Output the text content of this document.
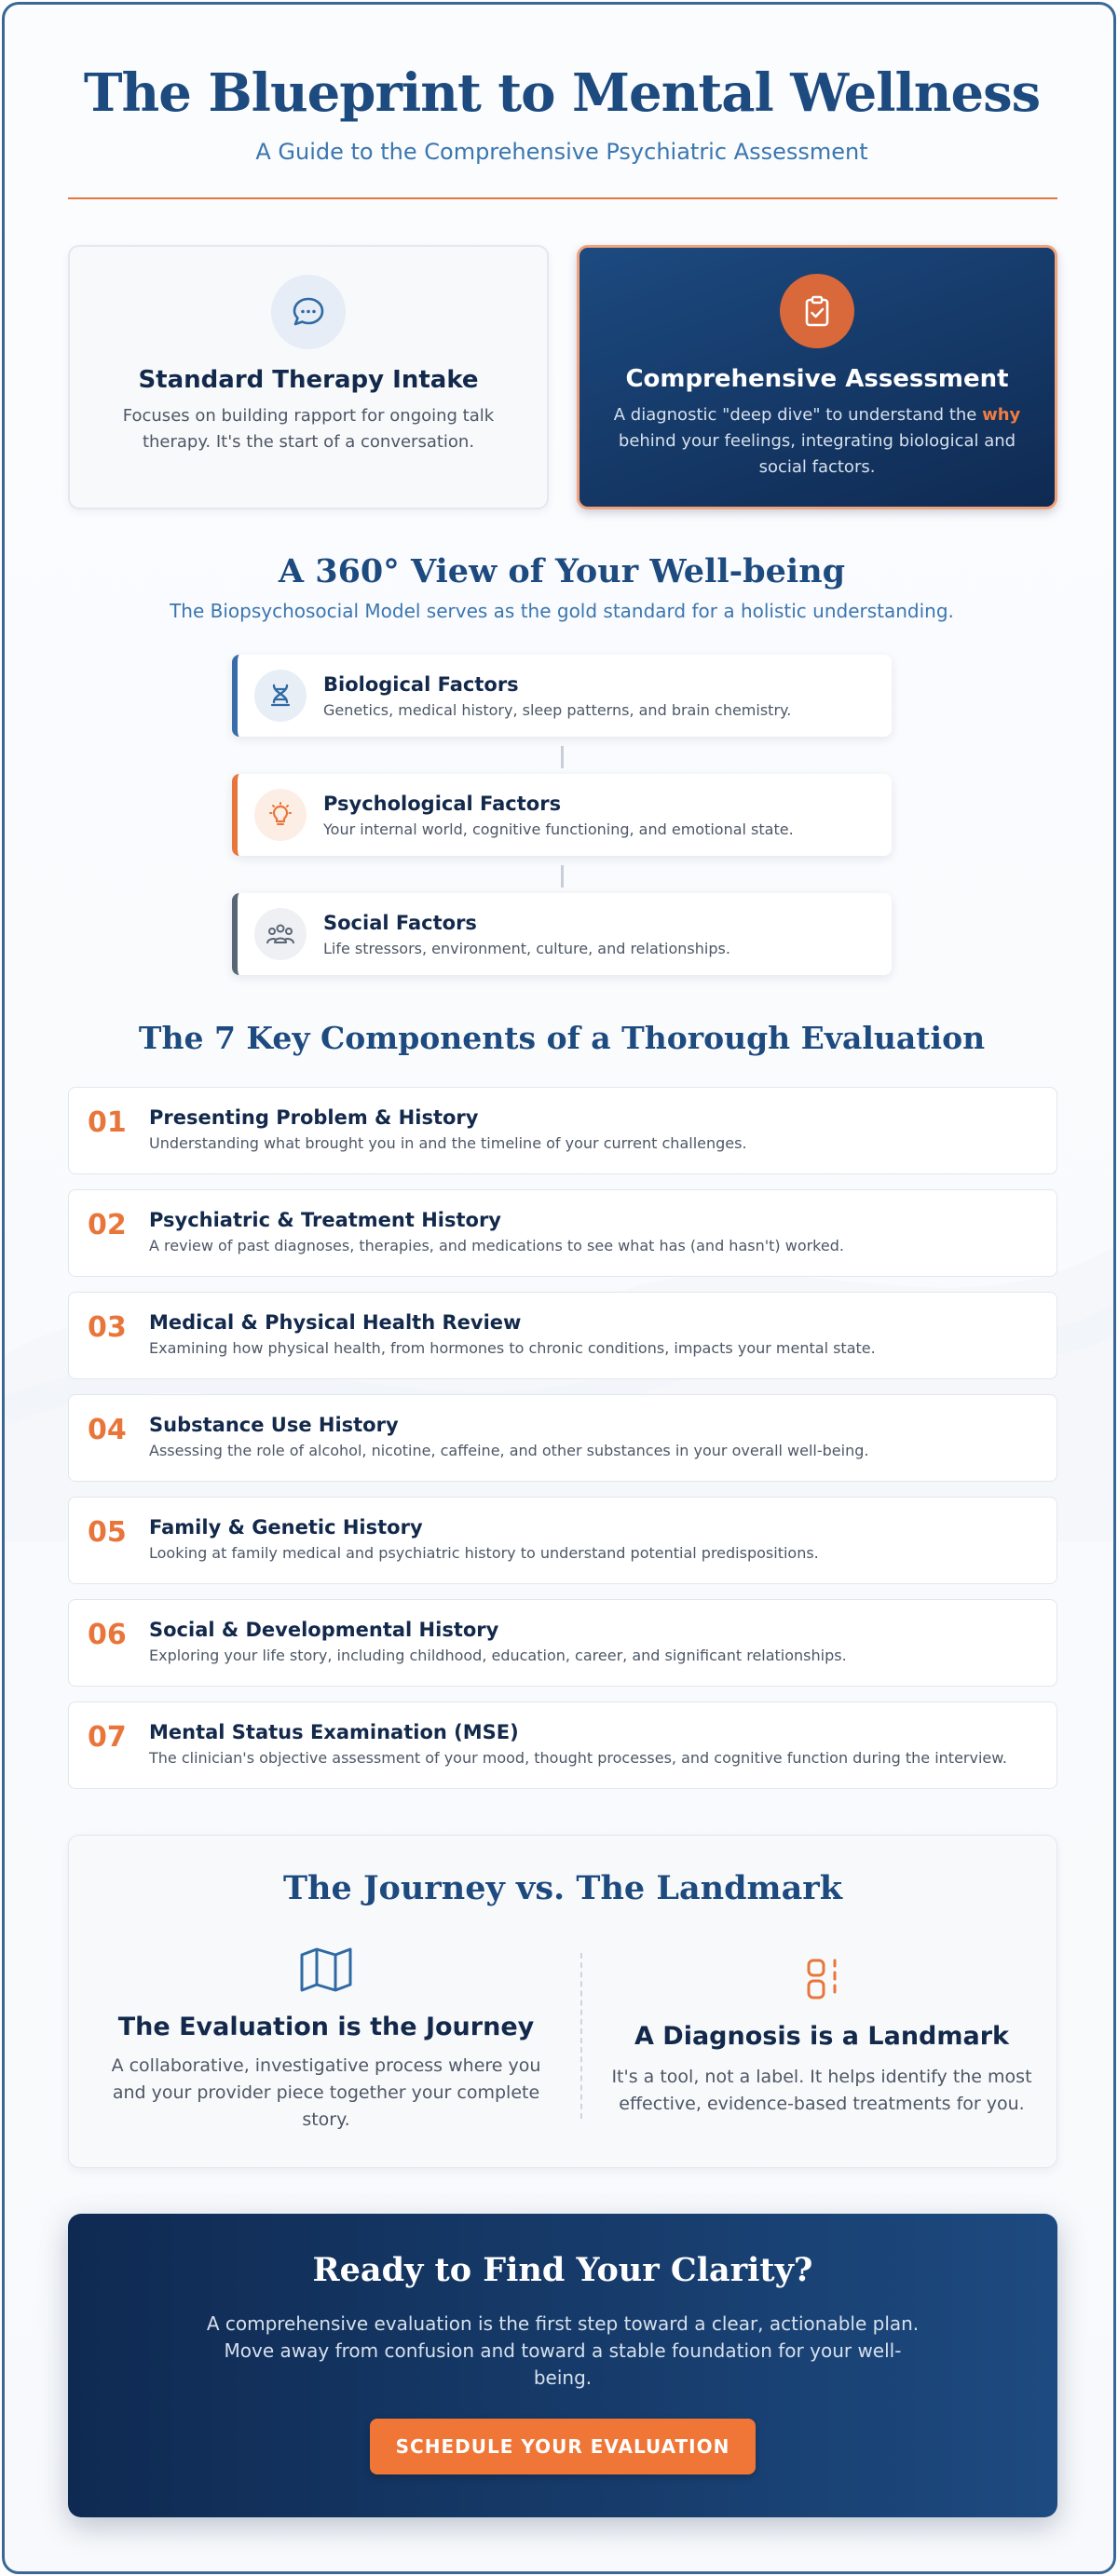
The Blueprint to Mental Wellness
A Guide to the Comprehensive Psychiatric Assessment
Standard Therapy Intake

Focuses on building rapport for ongoing talk therapy. It's the start of a conversation.

Comprehensive Assessment

A diagnostic "deep dive" to understand the why behind your feelings, integrating biological and social factors.

A 360° View of Your Well-being
The Biopsychosocial Model serves as the gold standard for a holistic understanding.
Biological Factors
Genetics, medical history, sleep patterns, and brain chemistry.
Psychological Factors
Your internal world, cognitive functioning, and emotional state.
Social Factors
Life stressors, environment, culture, and relationships.
The 7 Key Components of a Thorough Evaluation
01 Presenting Problem & History
Understanding what brought you in and the timeline of your current challenges.
02 Psychiatric & Treatment History
A review of past diagnoses, therapies, and medications to see what has (and hasn't) worked.
03 Medical & Physical Health Review
Examining how physical health, from hormones to chronic conditions, impacts your mental state.
04 Substance Use History
Assessing the role of alcohol, nicotine, caffeine, and other substances in your overall well-being.
05 Family & Genetic History
Looking at family medical and psychiatric history to understand potential predispositions.
06 Social & Developmental History
Exploring your life story, including childhood, education, career, and significant relationships.
07 Mental Status Examination (MSE)
The clinician's objective assessment of your mood, thought processes, and cognitive function during the interview.
The Journey vs. The Landmark
The Evaluation is the Journey

A collaborative, investigative process where you and your provider piece together your complete story.

A Diagnosis is a Landmark

It's a tool, not a label. It helps identify the most effective, evidence-based treatments for you.

Ready to Find Your Clarity?

A comprehensive evaluation is the first step toward a clear, actionable plan. Move away from confusion and toward a stable foundation for your well-being.

SCHEDULE YOUR EVALUATION
